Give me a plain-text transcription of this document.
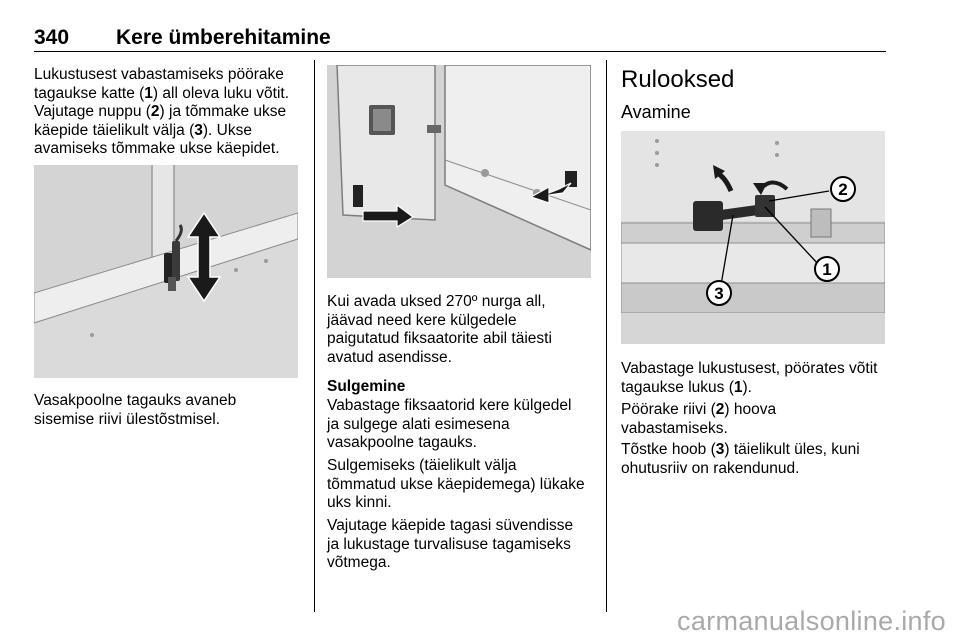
340 Kere ümberehitamine
Lukustusest vabastamiseks pöörake
tagaukse katte (1) all oleva luku võtit.
Vajutage nuppu (2) ja tõmmake ukse
käepide täielikult välja (3). Ukse
avamiseks tõmmake ukse käepidet.
Vasakpoolne tagauks avaneb
sisemise riivi ülestõstmisel.
Kui avada uksed 270º nurga all,
jäävad need kere külgedele
paigutatud fiksaatorite abil täiesti
avatud asendisse.
Sulgemine
Vabastage fiksaatorid kere külgedel
ja sulgege alati esimesena
vasakpoolne tagauks.
Sulgemiseks (täielikult välja
tõmmatud ukse käepidemega) lükake
uks kinni.
Vajutage käepide tagasi süvendisse
ja lukustage turvalisuse tagamiseks
võtmega.
Rulooksed
Avamine
1
2
3
Vabastage lukustusest, pöörates võtit
tagaukse lukus (1).
Pöörake riivi (2) hoova
vabastamiseks.
Tõstke hoob (3) täielikult üles, kuni
ohutusriiv on rakendunud.
carmanualsonline.info
